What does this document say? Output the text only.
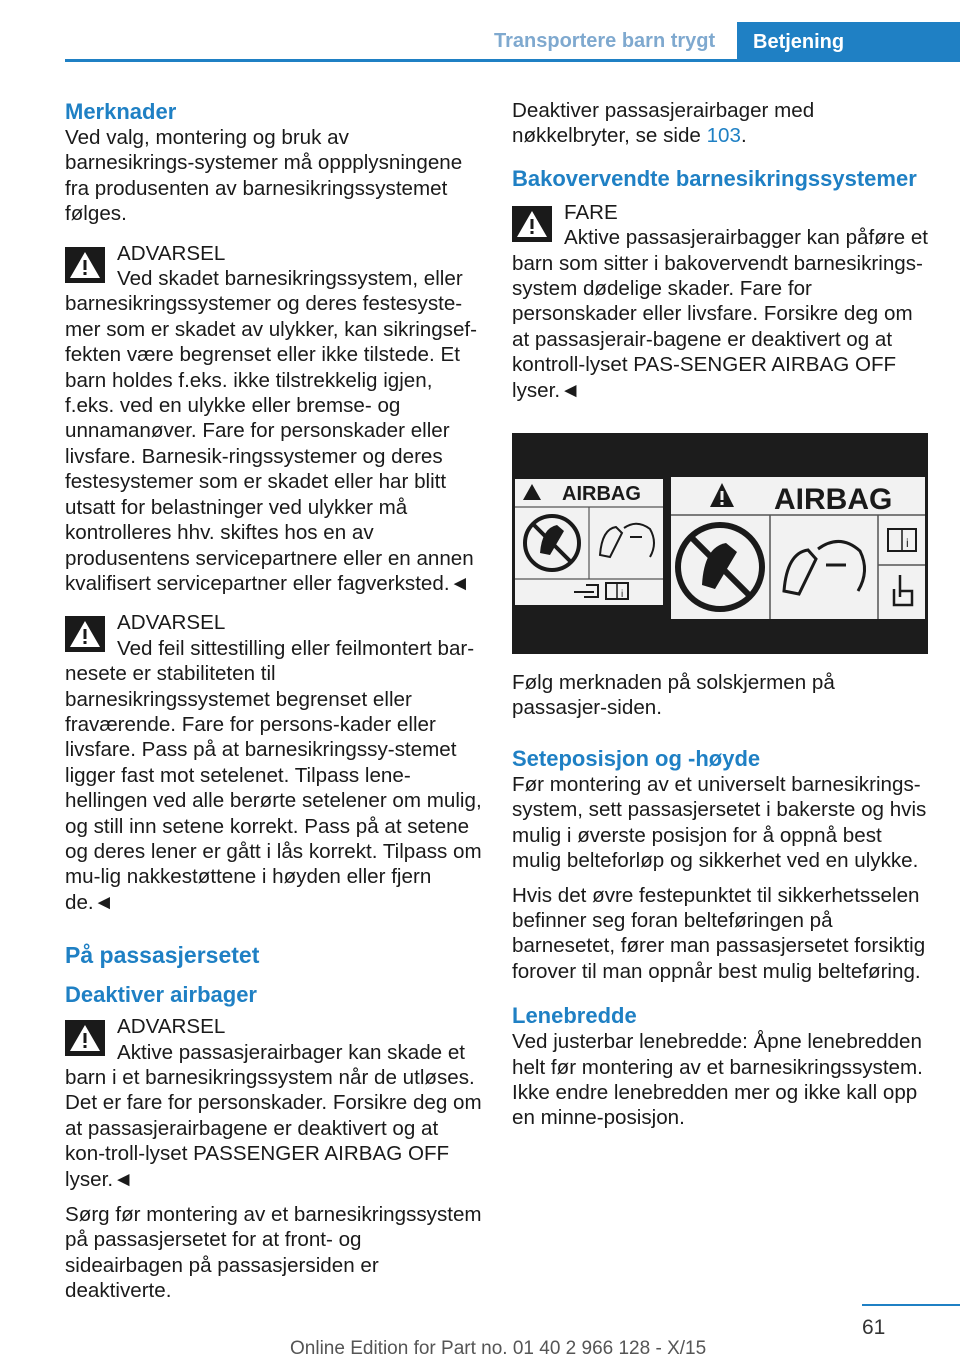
Transportere barn trygt Betjening
Merknader

Ved valg, montering og bruk av barnesikrings-systemer må oppplysningene fra produsenten av barnesikringssystemet følges.

ADVARSEL
Ved skadet barnesikringssystem, eller barnesikringssystemer og deres festesyste-mer som er skadet av ulykker, kan sikringsef-fekten være begrenset eller ikke tilstede. Et barn holdes f.eks. ikke tilstrekkelig igjen, f.eks. ved en ulykke eller bremse- og unnamanøver. Fare for personskader eller livsfare. Barnesik-ringssystemer og deres festesystemer som er skadet eller har blitt utsatt for belastninger ved ulykker må kontrolleres hhv. skiftes hos en av produsentens servicepartnere eller en annen kvalifisert servicepartner eller fagverksted.◄
ADVARSEL
Ved feil sittestilling eller feilmontert bar-nesete er stabiliteten til barnesikringssystemet begrenset eller fraværende. Fare for persons-kader eller livsfare. Pass på at barnesikringssy-stemet ligger fast mot setelenet. Tilpass lene-hellingen ved alle berørte setelener om mulig, og still inn setene korrekt. Pass på at setene og deres lener er gått i lås korrekt. Tilpass om mu-lig nakkestøttene i høyden eller fjern de.◄
På passasjersetet
Deaktiver airbager
ADVARSEL
Aktive passasjerairbager kan skade et barn i et barnesikringssystem når de utløses. Det er fare for personskader. Forsikre deg om at passasjerairbagene er deaktivert og at kon-troll-lyset PASSENGER AIRBAG OFF lyser.◄

Sørg før montering av et barnesikringssystem på passasjersetet for at front- og sideairbagen på passasjersiden er deaktiverte.

Deaktiver passasjerairbager med nøkkelbryter, se side 103.

Bakovervendte barnesikringssystemer
FARE
Aktive passasjerairbagger kan påføre et barn som sitter i bakovervendt barnesikrings-system dødelige skader. Fare for personskader eller livsfare. Forsikre deg om at passasjerair-bagene er deaktivert og at kontroll-lyset PAS-SENGER AIRBAG OFF lyser.◄
AIRBAG
i
AIRBAG
i

Følg merknaden på solskjermen på passasjer-siden.

Seteposisjon og -høyde

Før montering av et universelt barnesikrings-system, sett passasjersetet i bakerste og hvis mulig i øverste posisjon for å oppnå best mulig belteforløp og sikkerhet ved en ulykke.

Hvis det øvre festepunktet til sikkerhetsselen befinner seg foran belteføringen på barnesetet, fører man passasjersetet forsiktig forover til man oppnår best mulig belteføring.

Lenebredde

Ved justerbar lenebredde: Åpne lenebredden helt før montering av et barnesikringssystem. Ikke endre lenebredden mer og ikke kall opp en minne-posisjon.

61
Online Edition for Part no. 01 40 2 966 128 - X/15
